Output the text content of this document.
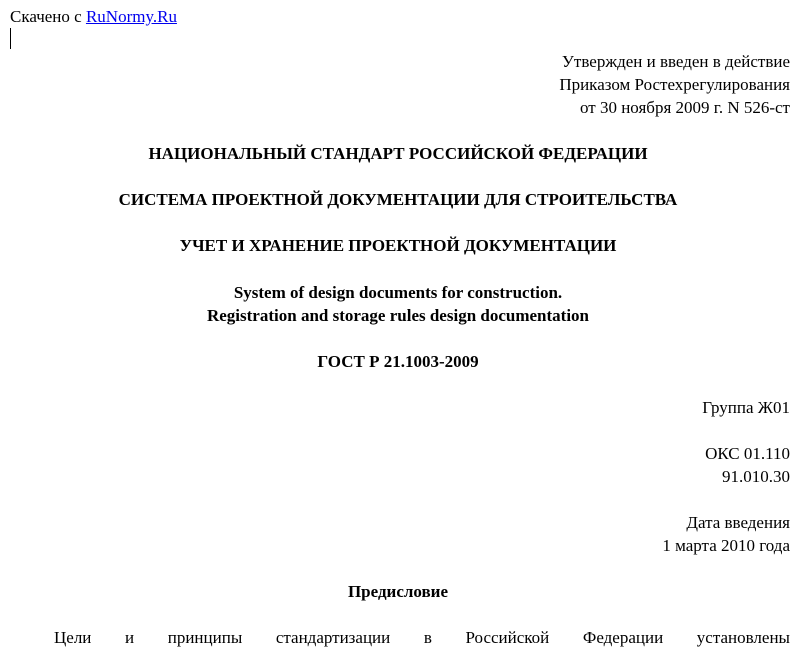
Скачено с RuNormy.Ru
Утвержден и введен в действие
Приказом Ростехрегулирования
от 30 ноября 2009 г. N 526-ст
НАЦИОНАЛЬНЫЙ СТАНДАРТ РОССИЙСКОЙ ФЕДЕРАЦИИ
СИСТЕМА ПРОЕКТНОЙ ДОКУМЕНТАЦИИ ДЛЯ СТРОИТЕЛЬСТВА
УЧЕТ И ХРАНЕНИЕ ПРОЕКТНОЙ ДОКУМЕНТАЦИИ
System of design documents for construction.
Registration and storage rules design documentation
ГОСТ Р 21.1003-2009
Группа Ж01
ОКС 01.110
91.010.30
Дата введения
1 марта 2010 года
Предисловие
Цели и принципы стандартизации в Российской Федерации установлены
